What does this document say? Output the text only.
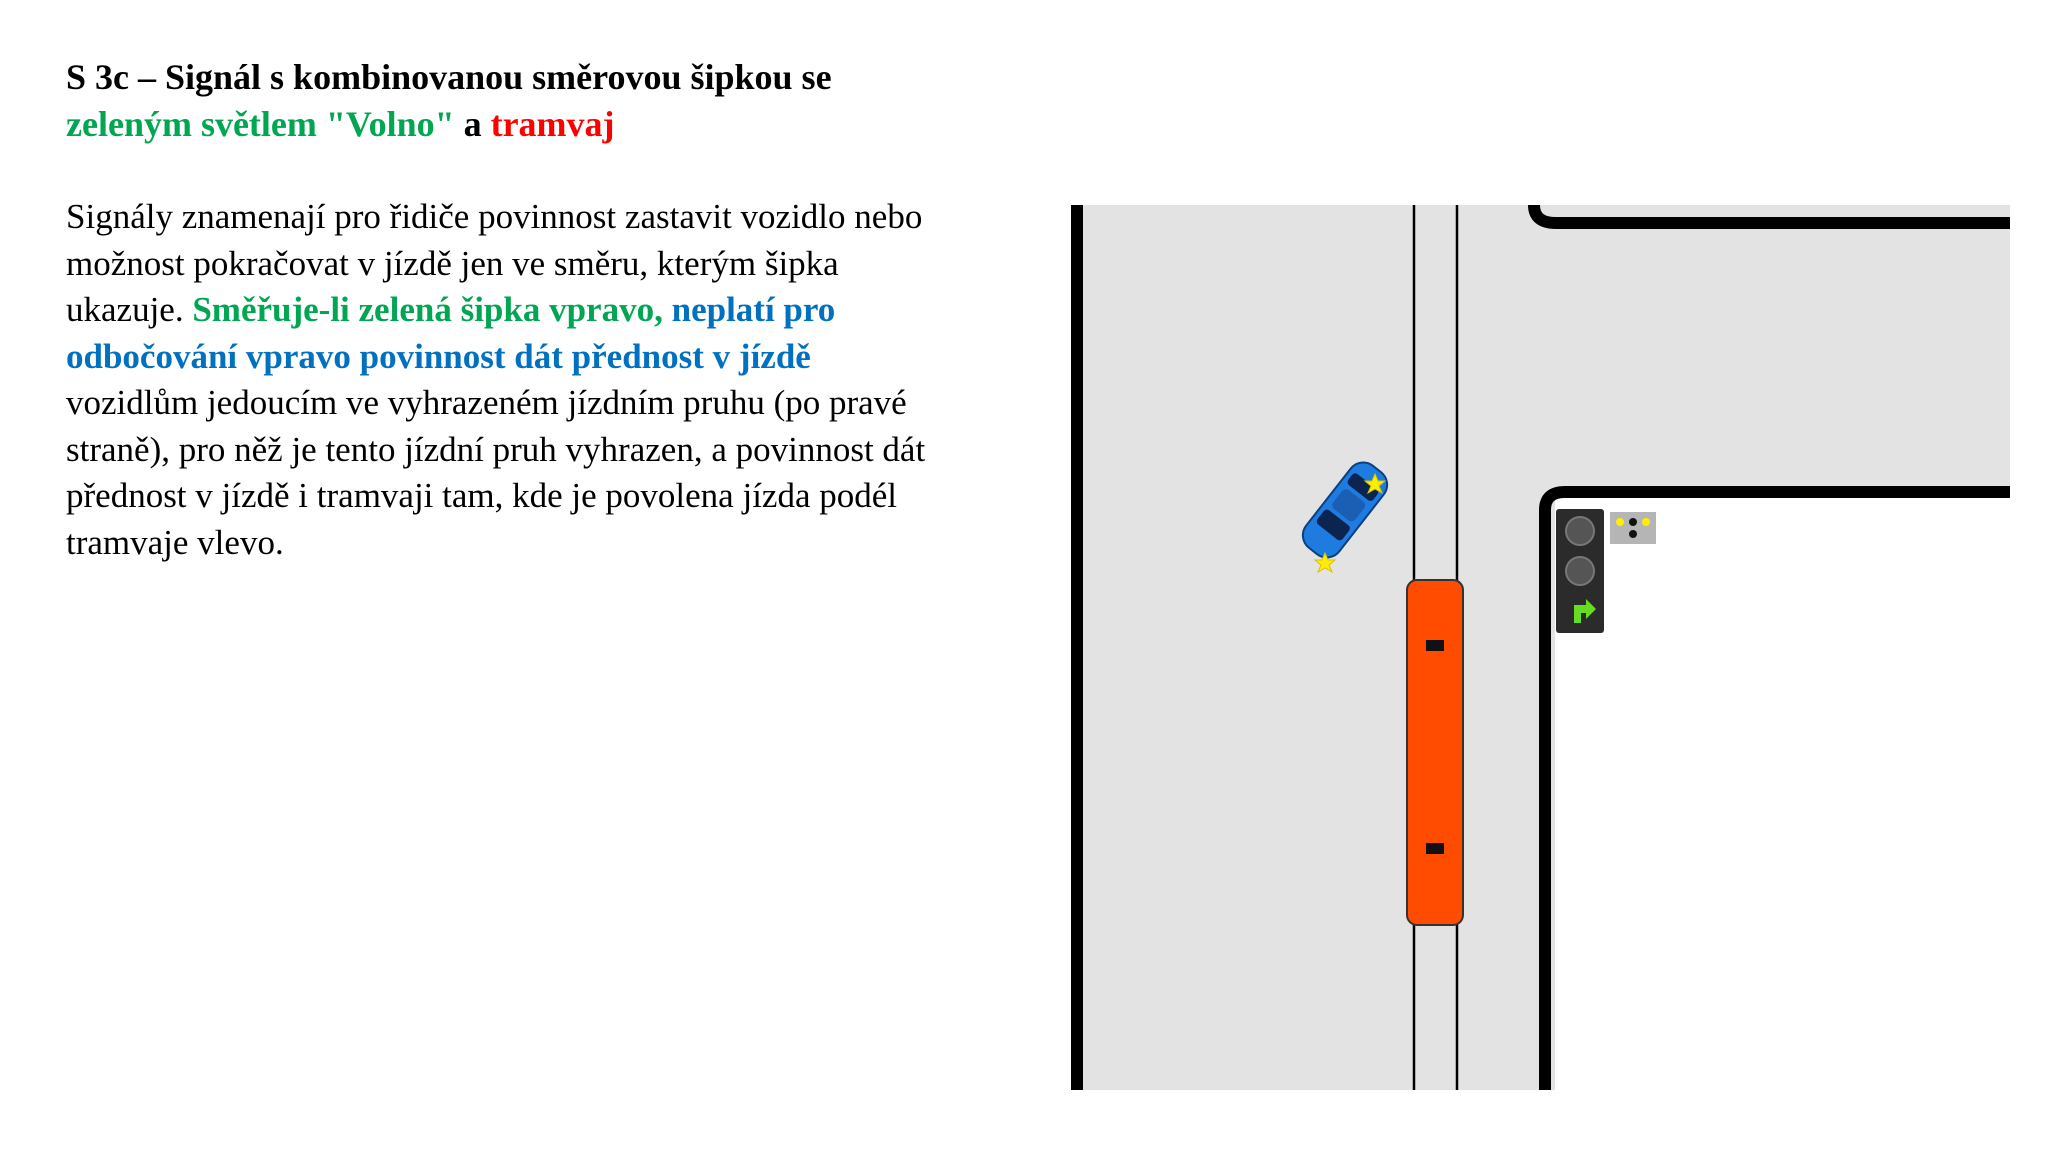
S 3c – Signál s kombinovanou směrovou šipkou se
zeleným světlem "Volno" a tramvaj
Signály znamenají pro řidiče povinnost zastavit vozidlo nebo
možnost pokračovat v jízdě jen ve směru, kterým šipka
ukazuje. Směřuje-li zelená šipka vpravo, neplatí pro
odbočování vpravo povinnost dát přednost v jízdě
vozidlům jedoucím ve vyhrazeném jízdním pruhu (po pravé
straně), pro něž je tento jízdní pruh vyhrazen, a povinnost dát
přednost v jízdě i tramvaji tam, kde je povolena jízda podél
tramvaje vlevo.
